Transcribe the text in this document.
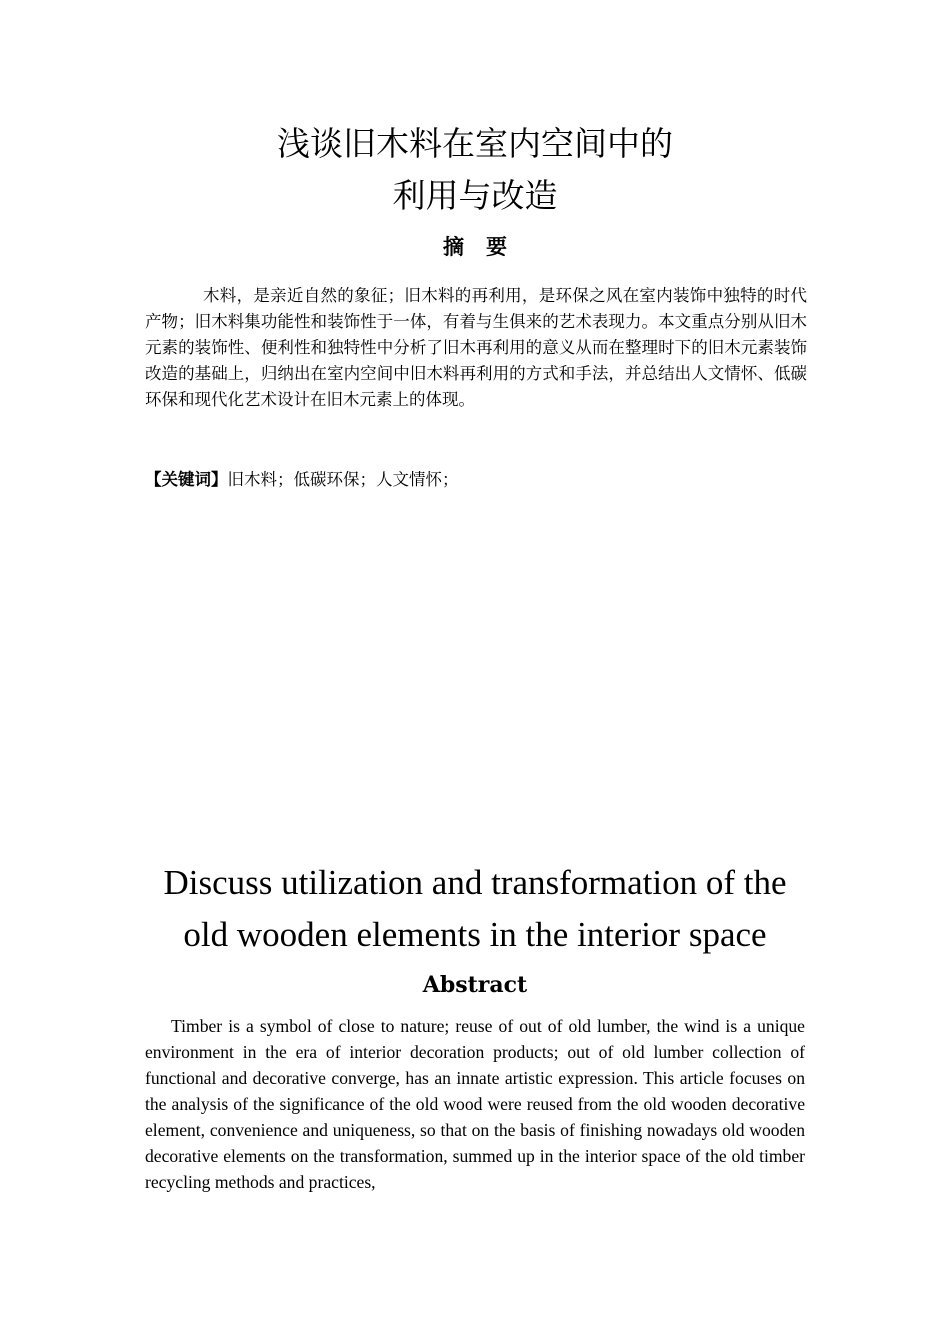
浅谈旧木料在室内空间中的
利用与改造
摘要

木料，是亲近自然的象征；旧木料的再利用，是环保之风在室内装饰中独特的时代产物；旧木料集功能性和装饰性于一体，有着与生俱来的艺术表现力。本文重点分别从旧木元素的装饰性、便利性和独特性中分析了旧木再利用的意义从而在整理时下的旧木元素装饰改造的基础上，归纳出在室内空间中旧木料再利用的方式和手法，并总结出人文情怀、低碳环保和现代化艺术设计在旧木元素上的体现。

【关键词】旧木料；低碳环保；人文情怀；

Discuss utilization and transformation of the
old wooden elements in the interior space
Abstract

Timber is a symbol of close to nature; reuse of out of old lumber, the wind is a unique environment in the era of interior decoration products; out of old lumber collection of functional and decorative converge, has an innate artistic expression. This article focuses on the analysis of the significance of the old wood were reused from the old wooden decorative element, convenience and uniqueness, so that on the basis of finishing nowadays old wooden decorative elements on the transformation, summed up in the interior space of the old timber recycling methods and practices,
